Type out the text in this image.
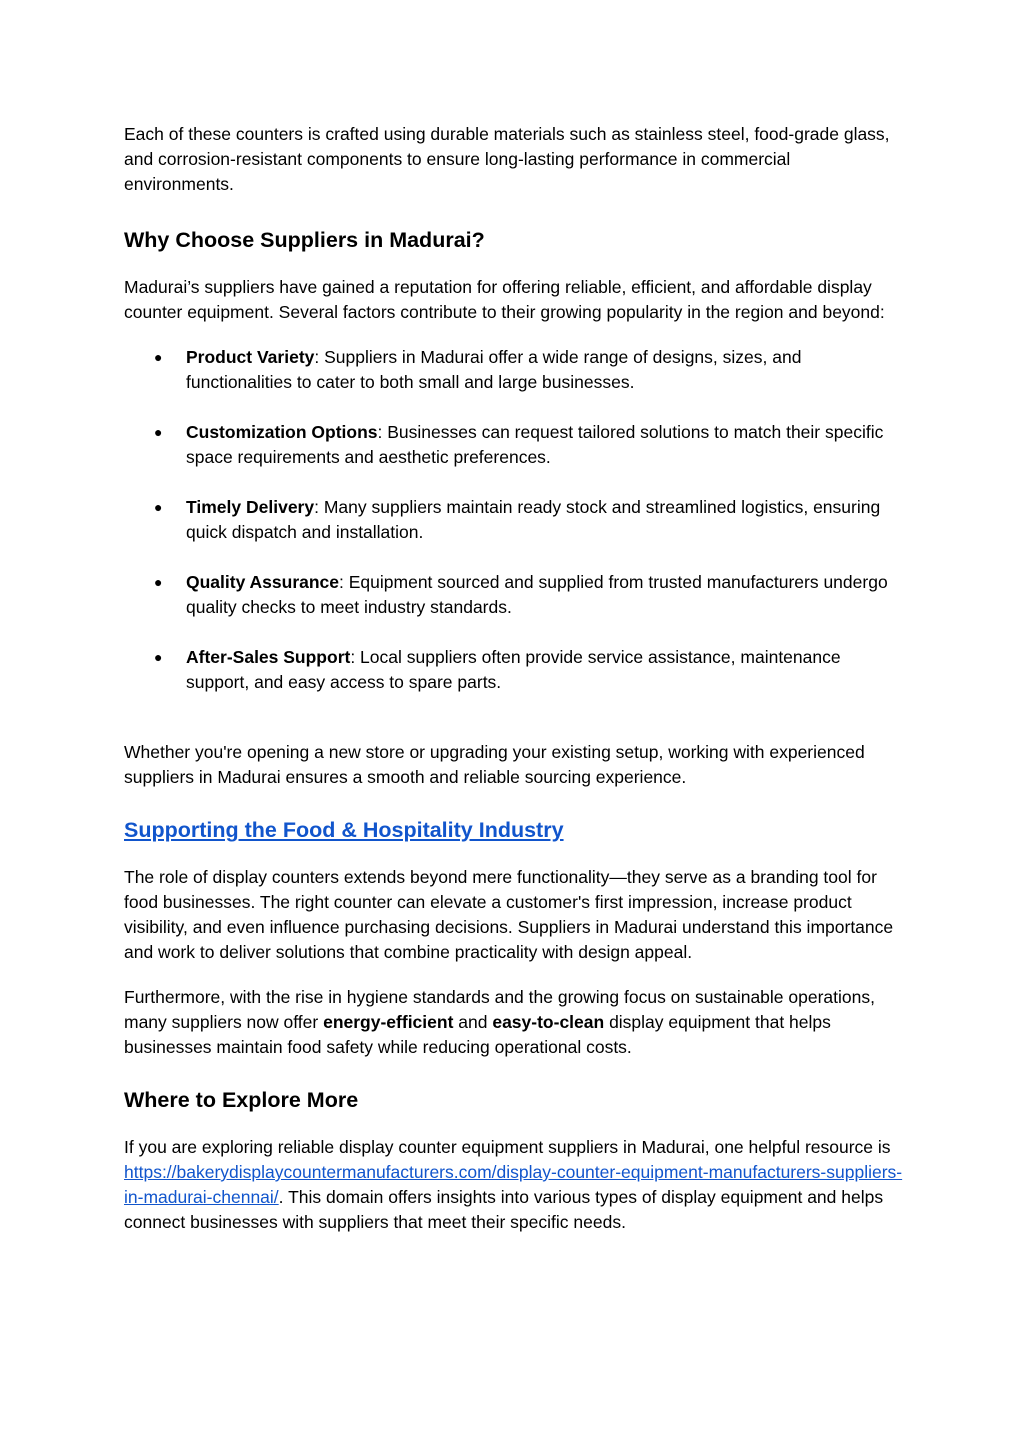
Each of these counters is crafted using durable materials such as stainless steel, food-grade glass, and corrosion-resistant components to ensure long-lasting performance in commercial environments.

Why Choose Suppliers in Madurai?

Madurai’s suppliers have gained a reputation for offering reliable, efficient, and affordable display counter equipment. Several factors contribute to their growing popularity in the region and beyond:

● Product Variety: Suppliers in Madurai offer a wide range of designs, sizes, and functionalities to cater to both small and large businesses.
● Customization Options: Businesses can request tailored solutions to match their specific space requirements and aesthetic preferences.
● Timely Delivery: Many suppliers maintain ready stock and streamlined logistics, ensuring quick dispatch and installation.
● Quality Assurance: Equipment sourced and supplied from trusted manufacturers undergo quality checks to meet industry standards.
● After-Sales Support: Local suppliers often provide service assistance, maintenance support, and easy access to spare parts.

Whether you're opening a new store or upgrading your existing setup, working with experienced suppliers in Madurai ensures a smooth and reliable sourcing experience.

Supporting the Food & Hospitality Industry

The role of display counters extends beyond mere functionality—they serve as a branding tool for food businesses. The right counter can elevate a customer's first impression, increase product visibility, and even influence purchasing decisions. Suppliers in Madurai understand this importance and work to deliver solutions that combine practicality with design appeal.

Furthermore, with the rise in hygiene standards and the growing focus on sustainable operations, many suppliers now offer energy-efficient and easy-to-clean display equipment that helps businesses maintain food safety while reducing operational costs.

Where to Explore More

If you are exploring reliable display counter equipment suppliers in Madurai, one helpful resource is https://bakerydisplaycountermanufacturers.com/display-counter-equipment-manufacturers-suppliers-in-madurai-chennai/. This domain offers insights into various types of display equipment and helps connect businesses with suppliers that meet their specific needs.
